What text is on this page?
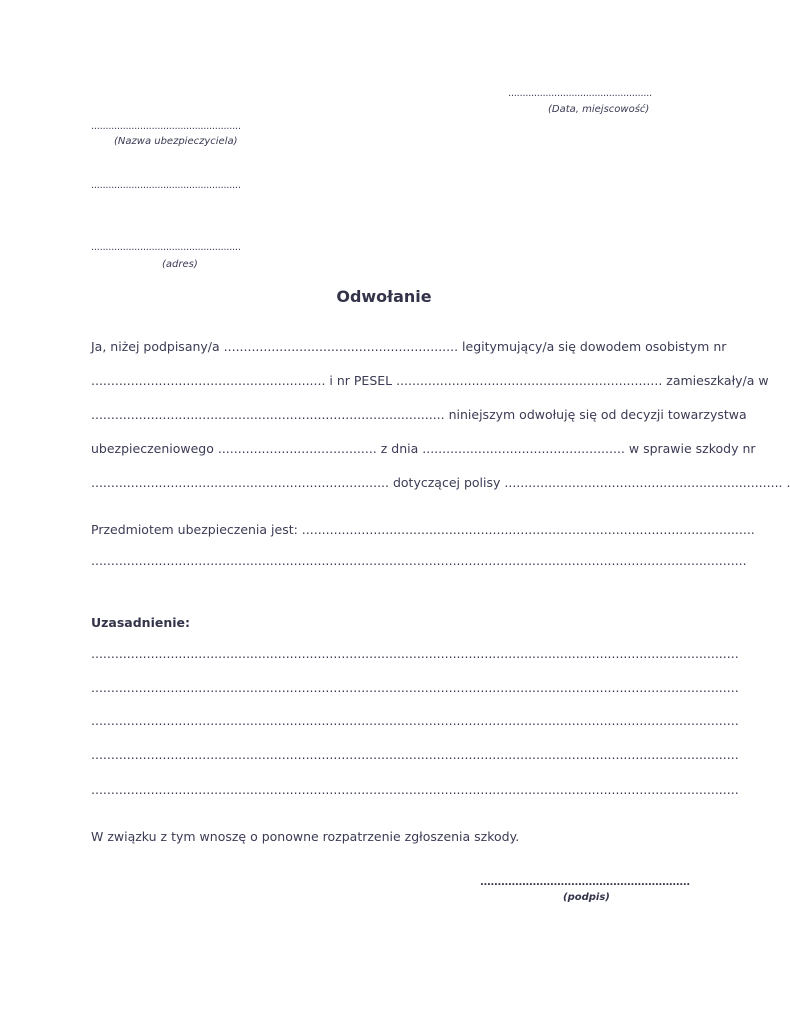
..................................................
(Data, miejscowość)
....................................................
(Nazwa ubezpieczyciela)
....................................................
....................................................
(adres)
Odwołanie
Ja, niżej podpisany/a ........................................................... legitymujący/a się dowodem osobistym nr
........................................................... i nr PESEL ................................................................... zamieszkały/a w
......................................................................................... niniejszym odwołuję się od decyzji towarzystwa
ubezpieczeniowego ........................................ z dnia ................................................... w sprawie szkody nr
........................................................................... dotyczącej polisy ...................................................................... .
Przedmiotem ubezpieczenia jest: ..................................................................................................................
.....................................................................................................................................................................
Uzasadnienie:
...................................................................................................................................................................
...................................................................................................................................................................
...................................................................................................................................................................
...................................................................................................................................................................
...................................................................................................................................................................
W związku z tym wnoszę o ponowne rozpatrzenie zgłoszenia szkody.
............................................................
(podpis)
